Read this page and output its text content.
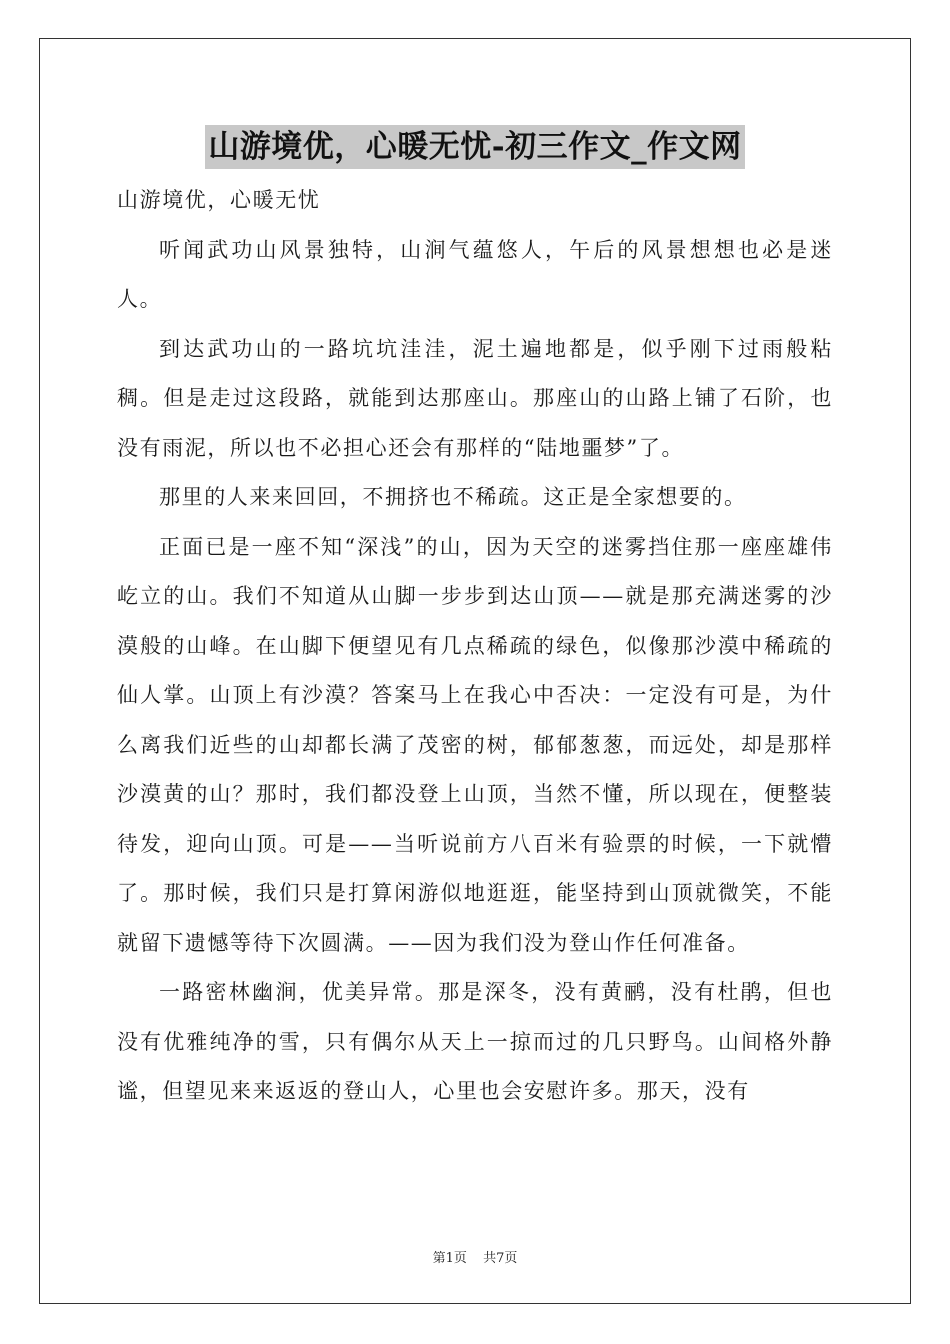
山游境优，心暖无忧-初三作文_作文网

山游境优，心暖无忧

听闻武功山风景独特，山涧气蕴悠人，午后的风景想想也必是迷人。

到达武功山的一路坑坑洼洼，泥土遍地都是，似乎刚下过雨般粘稠。但是走过这段路，就能到达那座山。那座山的山路上铺了石阶，也没有雨泥，所以也不必担心还会有那样的“陆地噩梦”了。

那里的人来来回回，不拥挤也不稀疏。这正是全家想要的。

正面已是一座不知“深浅”的山，因为天空的迷雾挡住那一座座雄伟屹立的山。我们不知道从山脚一步步到达山顶——就是那充满迷雾的沙漠般的山峰。在山脚下便望见有几点稀疏的绿色，似像那沙漠中稀疏的仙人掌。山顶上有沙漠？答案马上在我心中否决：一定没有可是，为什么离我们近些的山却都长满了茂密的树，郁郁葱葱，而远处，却是那样沙漠黄的山？那时，我们都没登上山顶，当然不懂，所以现在，便整装待发，迎向山顶。可是——当听说前方八百米有验票的时候，一下就懵了。那时候，我们只是打算闲游似地逛逛，能坚持到山顶就微笑，不能就留下遗憾等待下次圆满。——因为我们没为登山作任何准备。

一路密林幽涧，优美异常。那是深冬，没有黄鹂，没有杜鹃，但也没有优雅纯净的雪，只有偶尔从天上一掠而过的几只野鸟。山间格外静谧，但望见来来返返的登山人，心里也会安慰许多。那天，没有

第1页 共7页
